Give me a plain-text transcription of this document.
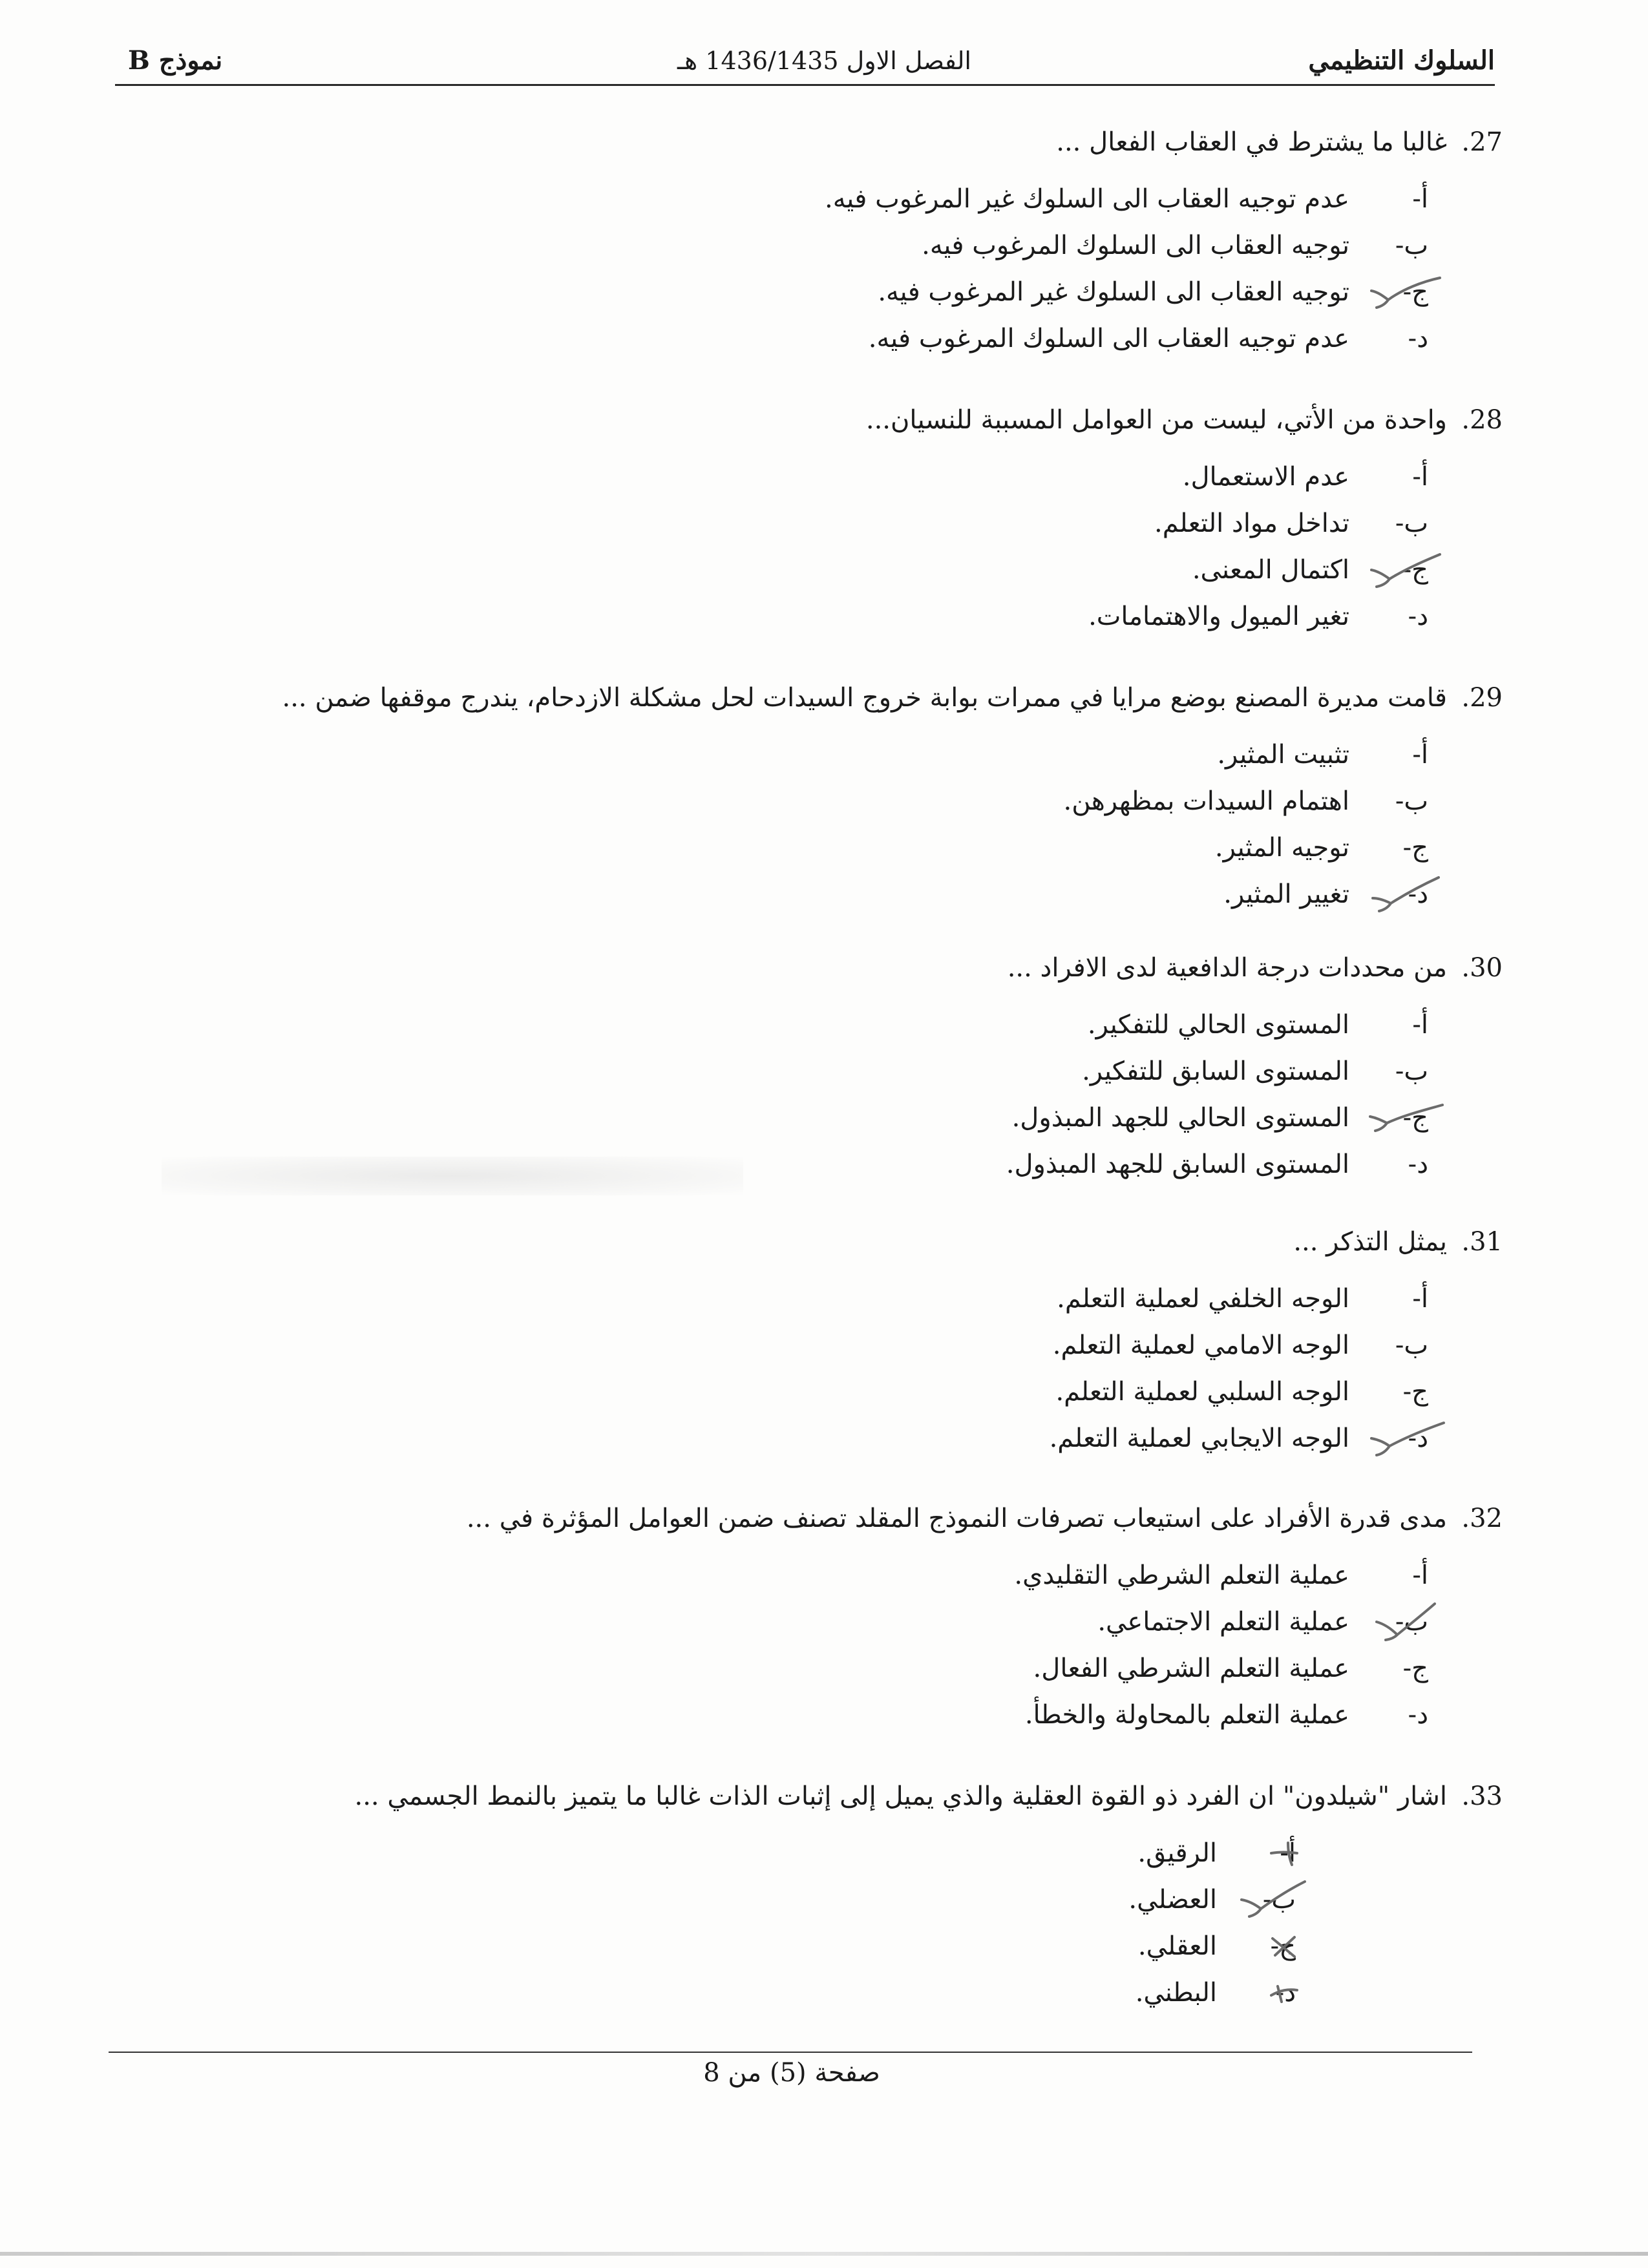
السلوك التنظيمي
الفصل الاول 1436/1435 هـ
نموذج B
27.غالبا ما يشترط في العقاب الفعال ...
أ-عدم توجيه العقاب الى السلوك غير المرغوب فيه.
ب-توجيه العقاب الى السلوك المرغوب فيه.
ج-
توجيه العقاب الى السلوك غير المرغوب فيه.
د-عدم توجيه العقاب الى السلوك المرغوب فيه.
28.واحدة من الأتي، ليست من العوامل المسببة للنسيان...
أ-عدم الاستعمال.
ب-تداخل مواد التعلم.
ج-
اكتمال المعنى.
د-تغير الميول والاهتمامات.
29.قامت مديرة المصنع بوضع مرايا في ممرات بوابة خروج السيدات لحل مشكلة الازدحام، يندرج موقفها ضمن ...
أ-تثبيت المثير.
ب-اهتمام السيدات بمظهرهن.
ج-توجيه المثير.
د-
تغيير المثير.
30.من محددات درجة الدافعية لدى الافراد ...
أ-المستوى الحالي للتفكير.
ب-المستوى السابق للتفكير.
ج-
المستوى الحالي للجهد المبذول.
د-المستوى السابق للجهد المبذول.
31.يمثل التذكر ...
أ-الوجه الخلفي لعملية التعلم.
ب-الوجه الامامي لعملية التعلم.
ج-الوجه السلبي لعملية التعلم.
د-
الوجه الايجابي لعملية التعلم.
32.مدى قدرة الأفراد على استيعاب تصرفات النموذج المقلد تصنف ضمن العوامل المؤثرة في ...
أ-عملية التعلم الشرطي التقليدي.
ب-
عملية التعلم الاجتماعي.
ج-عملية التعلم الشرطي الفعال.
د-عملية التعلم بالمحاولة والخطأ.
33.اشار "شيلدون" ان الفرد ذو القوة العقلية والذي يميل إلى إثبات الذات غالبا ما يتميز بالنمط الجسمي ...
أ-
الرقيق.
ب-
العضلي.
ج-
العقلي.
د-
البطني.
صفحة (5) من 8
